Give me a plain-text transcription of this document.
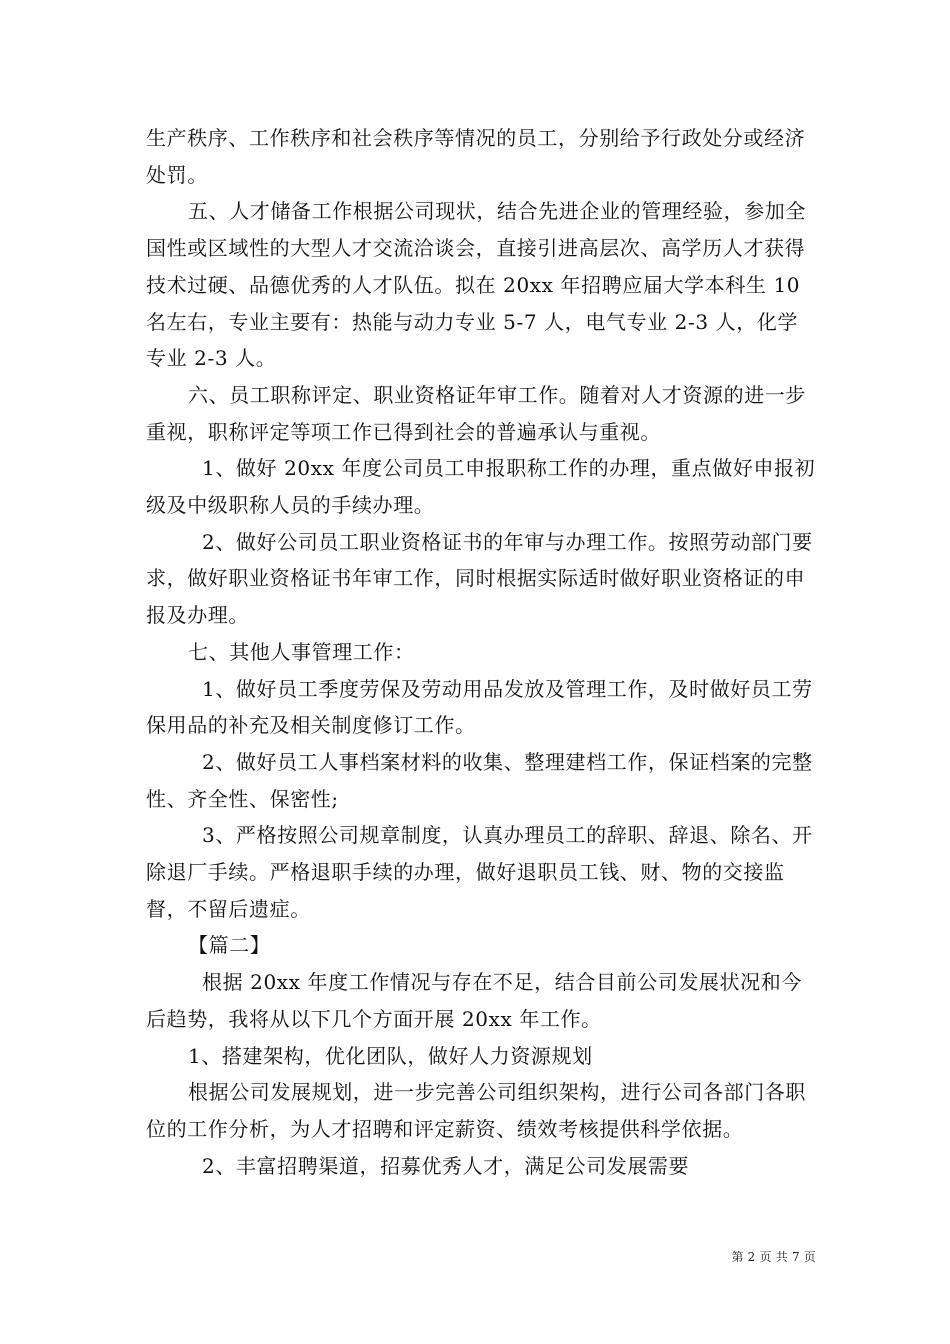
生产秩序、工作秩序和社会秩序等情况的员工，分别给予行政处分或经济处罚。

五、人才储备工作根据公司现状，结合先进企业的管理经验，参加全国性或区域性的大型人才交流洽谈会，直接引进高层次、高学历人才获得技术过硬、品德优秀的人才队伍。拟在 20xx 年招聘应届大学本科生 10 名左右，专业主要有：热能与动力专业 5-7 人，电气专业 2-3 人，化学专业 2-3 人。

六、员工职称评定、职业资格证年审工作。随着对人才资源的进一步重视，职称评定等项工作已得到社会的普遍承认与重视。

1、做好 20xx 年度公司员工申报职称工作的办理，重点做好申报初级及中级职称人员的手续办理。

2、做好公司员工职业资格证书的年审与办理工作。按照劳动部门要求，做好职业资格证书年审工作，同时根据实际适时做好职业资格证的申报及办理。

七、其他人事管理工作：

1、做好员工季度劳保及劳动用品发放及管理工作，及时做好员工劳保用品的补充及相关制度修订工作。

2、做好员工人事档案材料的收集、整理建档工作，保证档案的完整性、齐全性、保密性;

3、严格按照公司规章制度，认真办理员工的辞职、辞退、除名、开除退厂手续。严格退职手续的办理，做好退职员工钱、财、物的交接监督，不留后遗症。

【篇二】

根据 20xx 年度工作情况与存在不足，结合目前公司发展状况和今后趋势，我将从以下几个方面开展 20xx 年工作。

1、搭建架构，优化团队，做好人力资源规划

根据公司发展规划，进一步完善公司组织架构，进行公司各部门各职位的工作分析，为人才招聘和评定薪资、绩效考核提供科学依据。

2、丰富招聘渠道，招募优秀人才，满足公司发展需要

第 2 页 共 7 页
